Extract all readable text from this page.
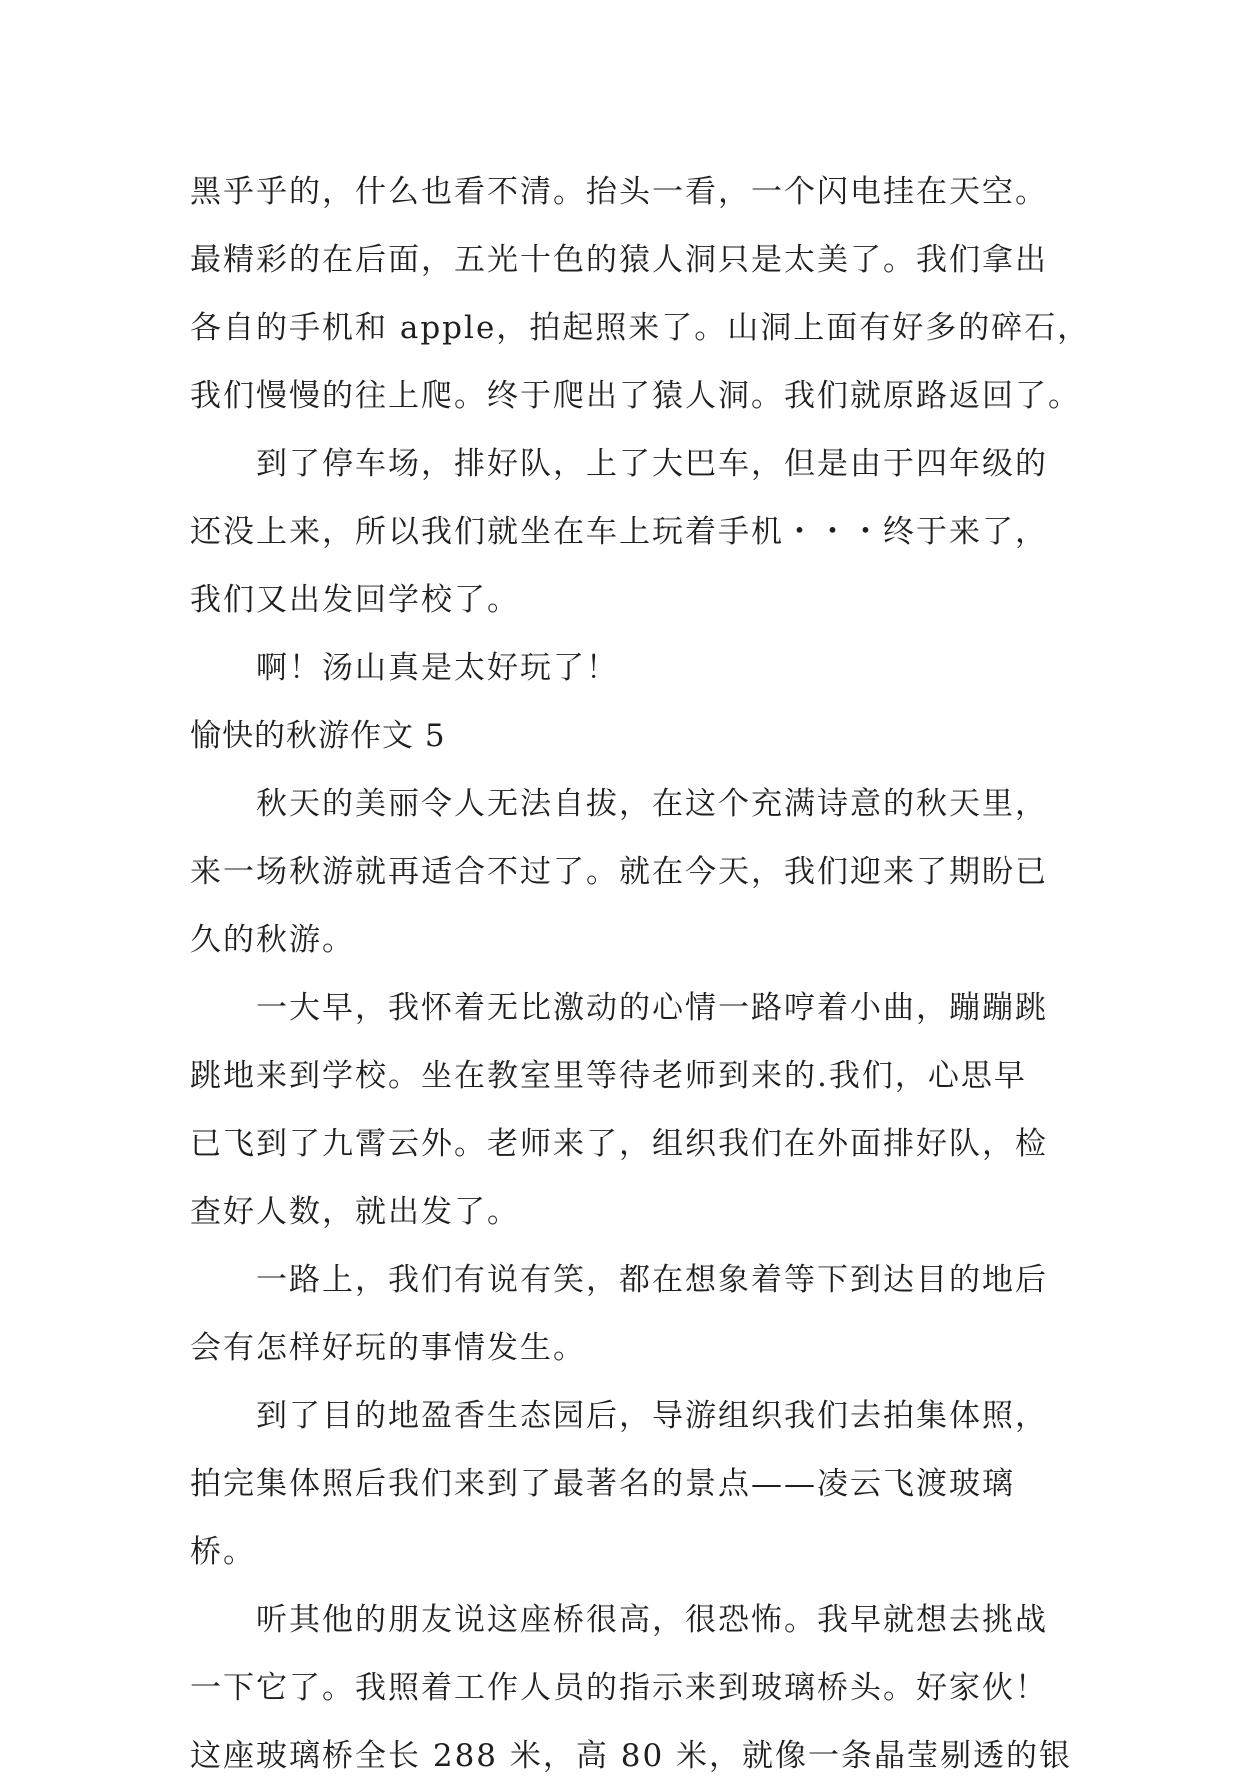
黑乎乎的，什么也看不清。抬头一看，一个闪电挂在天空。
最精彩的在后面，五光十色的猿人洞只是太美了。我们拿出
各自的手机和 apple，拍起照来了。山洞上面有好多的碎石，
我们慢慢的往上爬。终于爬出了猿人洞。我们就原路返回了。
到了停车场，排好队，上了大巴车，但是由于四年级的
还没上来，所以我们就坐在车上玩着手机・・・终于来了，
我们又出发回学校了。
啊！汤山真是太好玩了！
愉快的秋游作文 5
秋天的美丽令人无法自拔，在这个充满诗意的秋天里，
来一场秋游就再适合不过了。就在今天，我们迎来了期盼已
久的秋游。
一大早，我怀着无比激动的心情一路哼着小曲，蹦蹦跳
跳地来到学校。坐在教室里等待老师到来的.我们，心思早
已飞到了九霄云外。老师来了，组织我们在外面排好队，检
查好人数，就出发了。
一路上，我们有说有笑，都在想象着等下到达目的地后
会有怎样好玩的事情发生。
到了目的地盈香生态园后，导游组织我们去拍集体照，
拍完集体照后我们来到了最著名的景点——凌云飞渡玻璃
桥。
听其他的朋友说这座桥很高，很恐怖。我早就想去挑战
一下它了。我照着工作人员的指示来到玻璃桥头。好家伙！
这座玻璃桥全长 288 米，高 80 米，就像一条晶莹剔透的银
